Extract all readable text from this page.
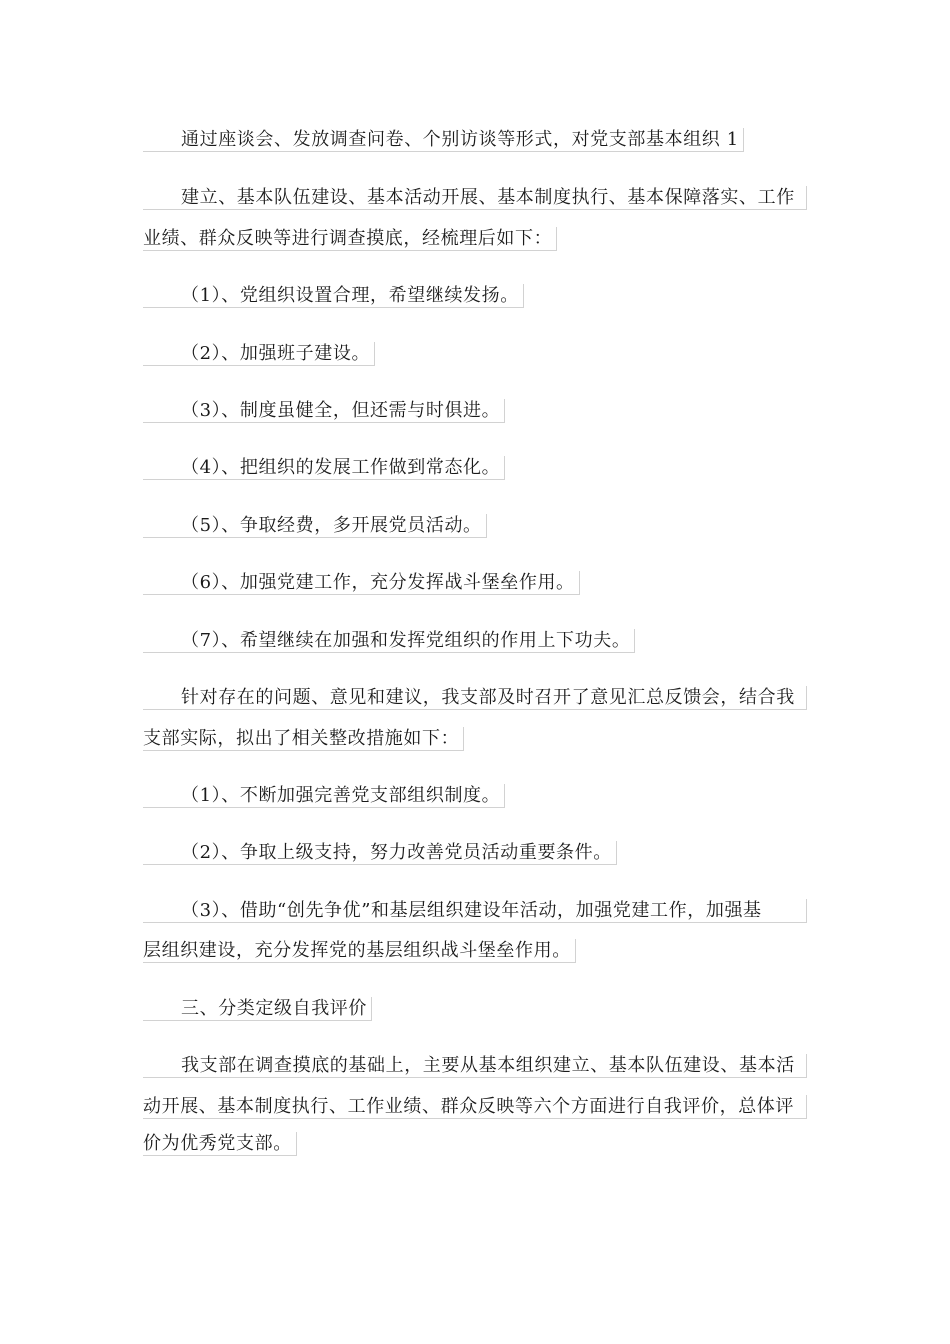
通过座谈会、发放调查问卷、个别访谈等形式，对党支部基本组织 1
建立、基本队伍建设、基本活动开展、基本制度执行、基本保障落实、工作
业绩、群众反映等进行调查摸底，经梳理后如下：
（1）、党组织设置合理，希望继续发扬。
（2）、加强班子建设。
（3）、制度虽健全，但还需与时俱进。
（4）、把组织的发展工作做到常态化。
（5）、争取经费，多开展党员活动。
（6）、加强党建工作，充分发挥战斗堡垒作用。
（7）、希望继续在加强和发挥党组织的作用上下功夫。
针对存在的问题、意见和建议，我支部及时召开了意见汇总反馈会，结合我
支部实际，拟出了相关整改措施如下：
（1）、不断加强完善党支部组织制度。
（2）、争取上级支持，努力改善党员活动重要条件。
（3）、借助“创先争优”和基层组织建设年活动，加强党建工作，加强基
层组织建设，充分发挥党的基层组织战斗堡垒作用。
三、分类定级自我评价
我支部在调查摸底的基础上，主要从基本组织建立、基本队伍建设、基本活
动开展、基本制度执行、工作业绩、群众反映等六个方面进行自我评价，总体评
价为优秀党支部。
